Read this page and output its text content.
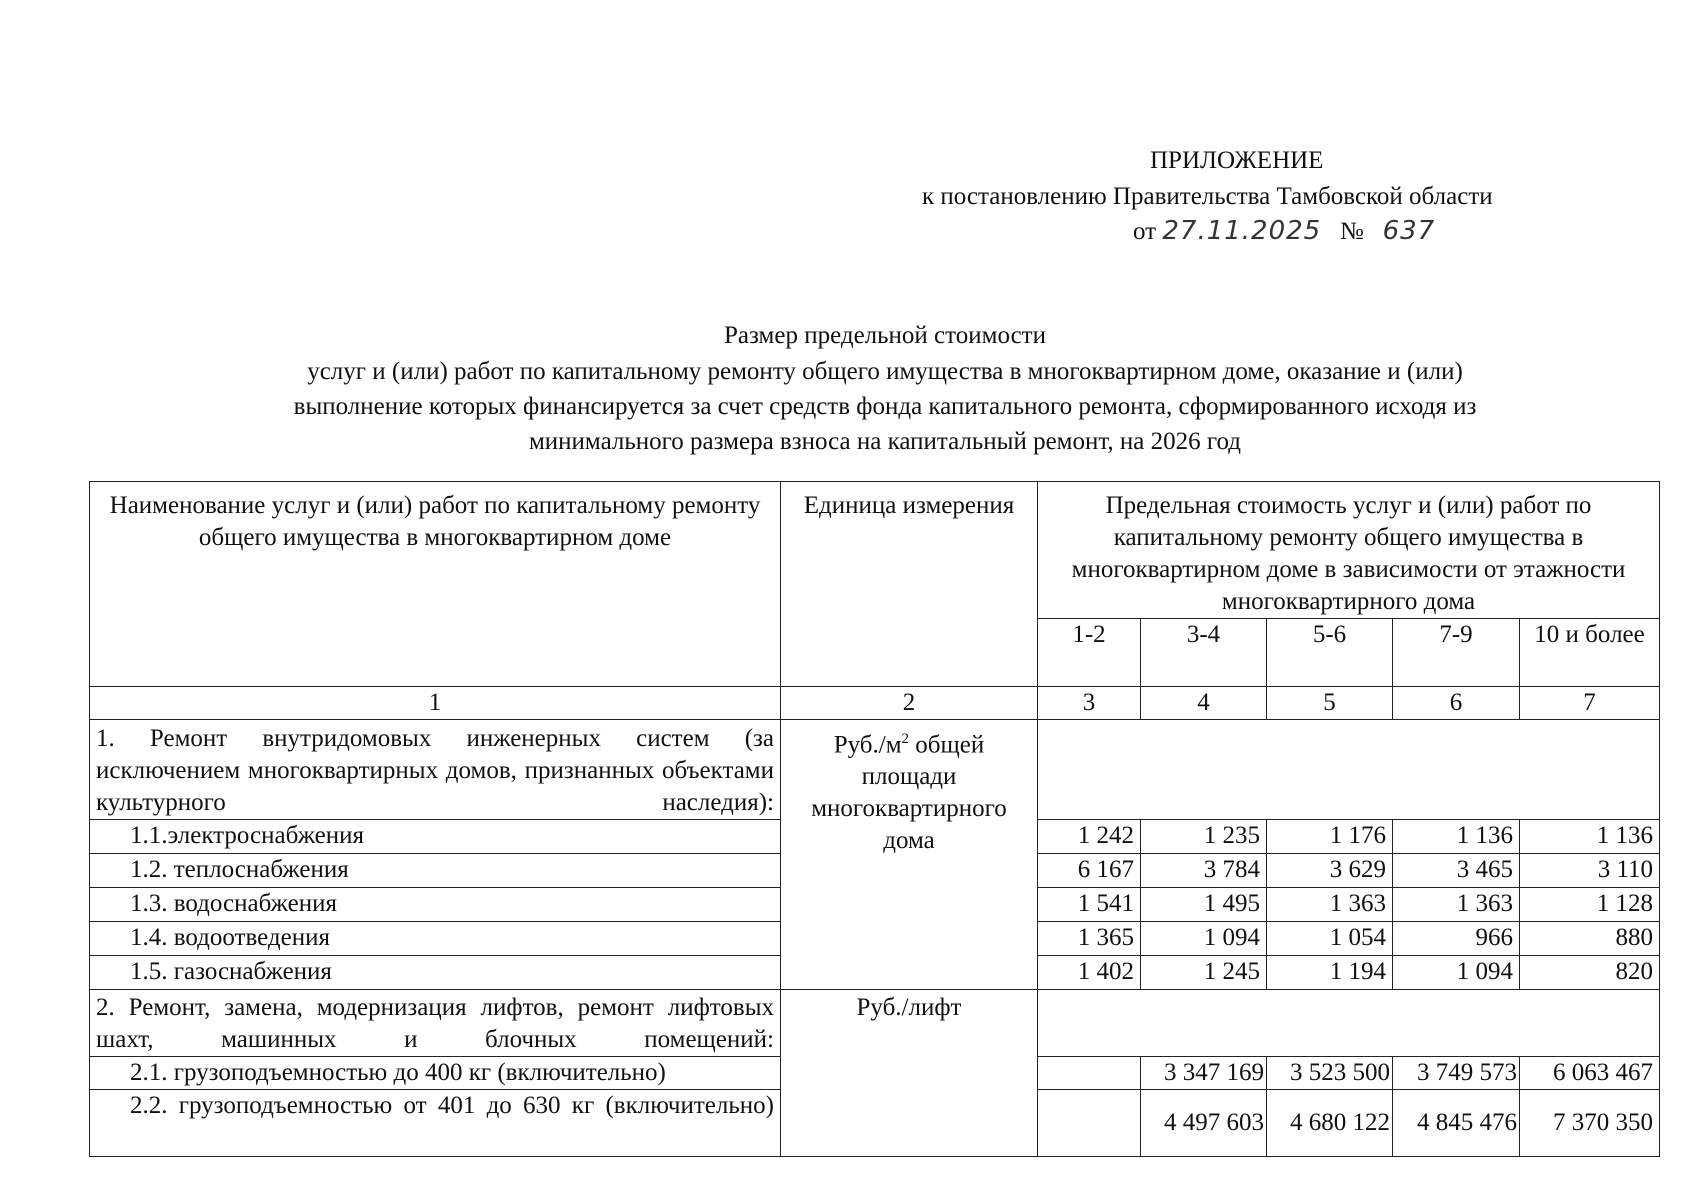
ПРИЛОЖЕНИЕ
к постановлению Правительства Тамбовской области
от 27.11.2025 № 637
Размер предельной стоимости
услуг и (или) работ по капитальному ремонту общего имущества в многоквартирном доме, оказание и (или)
выполнение которых финансируется за счет средств фонда капитального ремонта, сформированного исходя из
минимального размера взноса на капитальный ремонт, на 2026 год
Наименование услуг и (или) работ по капитальному ремонту общего имущества в многоквартирном доме	Единица измерения	Предельная стоимость услуг и (или) работ по капитальному ремонту общего имущества в многоквартирном доме в зависимости от этажности многоквартирного дома				
		1-2	3-4	5-6	7-9	10 и более
1	2	3	4	5	6	7
1. Ремонт внутридомовых инженерных систем (за исключением многоквартирных домов, признанных объектами культурного наследия):	$Руб./м^2$ общей площади многоквартирного дома					
1.1.электроснабжения		1 242	1 235	1 176	1 136	1 136
1.2. теплоснабжения		6 167	3 784	3 629	3 465	3 110
1.3. водоснабжения		1 541	1 495	1 363	1 363	1 128
1.4. водоотведения		1 365	1 094	1 054	966	880
1.5. газоснабжения		1 402	1 245	1 194	1 094	820
2. Ремонт, замена, модернизация лифтов, ремонт лифтовых шахт, машинных и блочных помещений:	Руб./лифт					
2.1. грузоподъемностью до 400 кг (включительно)			3 347 169	3 523 500	3 749 573	6 063 467
2.2. грузоподъемностью от 401 до 630 кг (включительно)			4 497 603	4 680 122	4 845 476	7 370 350
